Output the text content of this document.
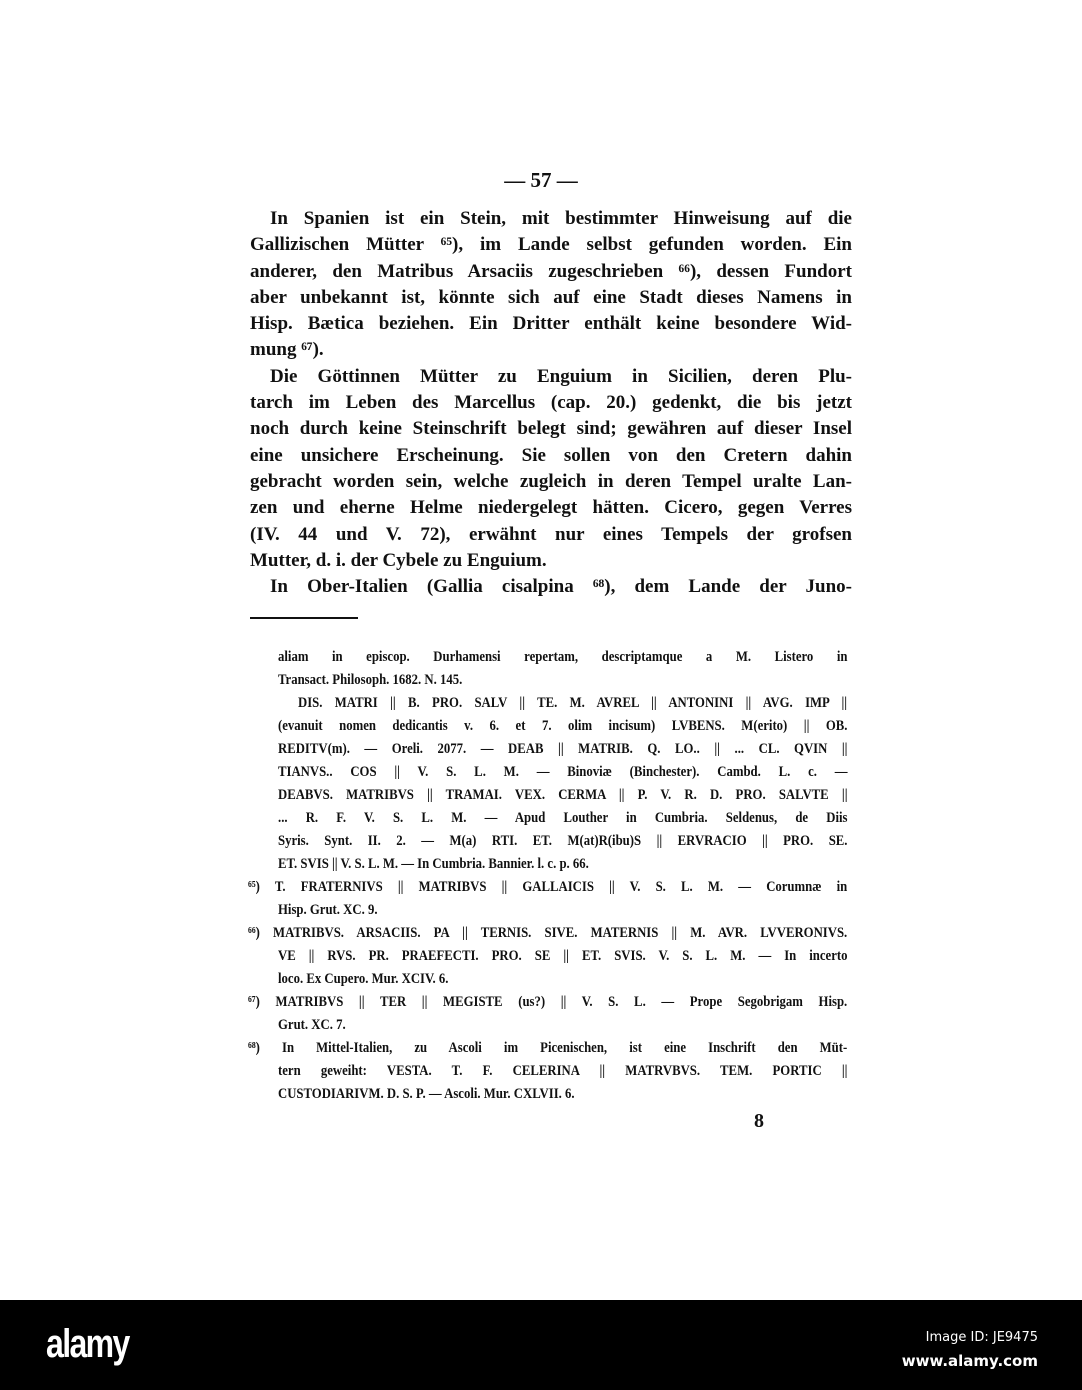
— 57 —
In Spanien ist ein Stein, mit bestimmter Hinweisung auf die
Gallizischen Mütter ⁶⁵), im Lande selbst gefunden worden. Ein
anderer, den Matribus Arsaciis zugeschrieben ⁶⁶), dessen Fundort
aber unbekannt ist, könnte sich auf eine Stadt dieses Namens in
Hisp. Bætica beziehen. Ein Dritter enthält keine besondere Wid-
mung ⁶⁷).
Die Göttinnen Mütter zu Enguium in Sicilien, deren Plu-
tarch im Leben des Marcellus (cap. 20.) gedenkt, die bis jetzt
noch durch keine Steinschrift belegt sind; gewähren auf dieser Insel
eine unsichere Erscheinung. Sie sollen von den Cretern dahin
gebracht worden sein, welche zugleich in deren Tempel uralte Lan-
zen und eherne Helme niedergelegt hätten. Cicero, gegen Verres
(IV. 44 und V. 72), erwähnt nur eines Tempels der grofsen
Mutter, d. i. der Cybele zu Enguium.
In Ober-Italien (Gallia cisalpina ⁶⁸), dem Lande der Juno-
aliam in episcop. Durhamensi repertam, descriptamque a M. Listero in
Transact. Philosoph. 1682. N. 145.
DIS. MATRI || B. PRO. SALV || TE. M. AVREL || ANTONINI || AVG. IMP ||
(evanuit nomen dedicantis v. 6. et 7. olim incisum) LVBENS. M(erito) || OB.
REDITV(m). — Oreli. 2077. — DEAB || MATRIB. Q. LO.. || ... CL. QVIN ||
TIANVS.. COS || V. S. L. M. — Binoviæ (Binchester). Cambd. L. c. —
DEABVS. MATRIBVS || TRAMAI. VEX. CERMA || P. V. R. D. PRO. SALVTE ||
... R. F. V. S. L. M. — Apud Louther in Cumbria. Seldenus, de Diis
Syris. Synt. II. 2. — M(a) RTI. ET. M(at)R(ibu)S || ERVRACIO || PRO. SE.
ET. SVIS || V. S. L. M. — In Cumbria. Bannier. l. c. p. 66.
⁶⁵) T. FRATERNIVS || MATRIBVS || GALLAICIS || V. S. L. M. — Corumnæ in
Hisp. Grut. XC. 9.
⁶⁶) MATRIBVS. ARSACIIS. PA || TERNIS. SIVE. MATERNIS || M. AVR. LVVERONIVS.
VE || RVS. PR. PRAEFECTI. PRO. SE || ET. SVIS. V. S. L. M. — In incerto
loco. Ex Cupero. Mur. XCIV. 6.
⁶⁷) MATRIBVS || TER || MEGISTE (us?) || V. S. L. — Prope Segobrigam Hisp.
Grut. XC. 7.
⁶⁸) In Mittel-Italien, zu Ascoli im Picenischen, ist eine Inschrift den Müt-
tern geweiht: VESTA. T. F. CELERINA || MATRVBVS. TEM. PORTIC ||
CUSTODIARIVM. D. S. P. — Ascoli. Mur. CXLVII. 6.
8
alamy	Image ID: JE9475
www.alamy.com
